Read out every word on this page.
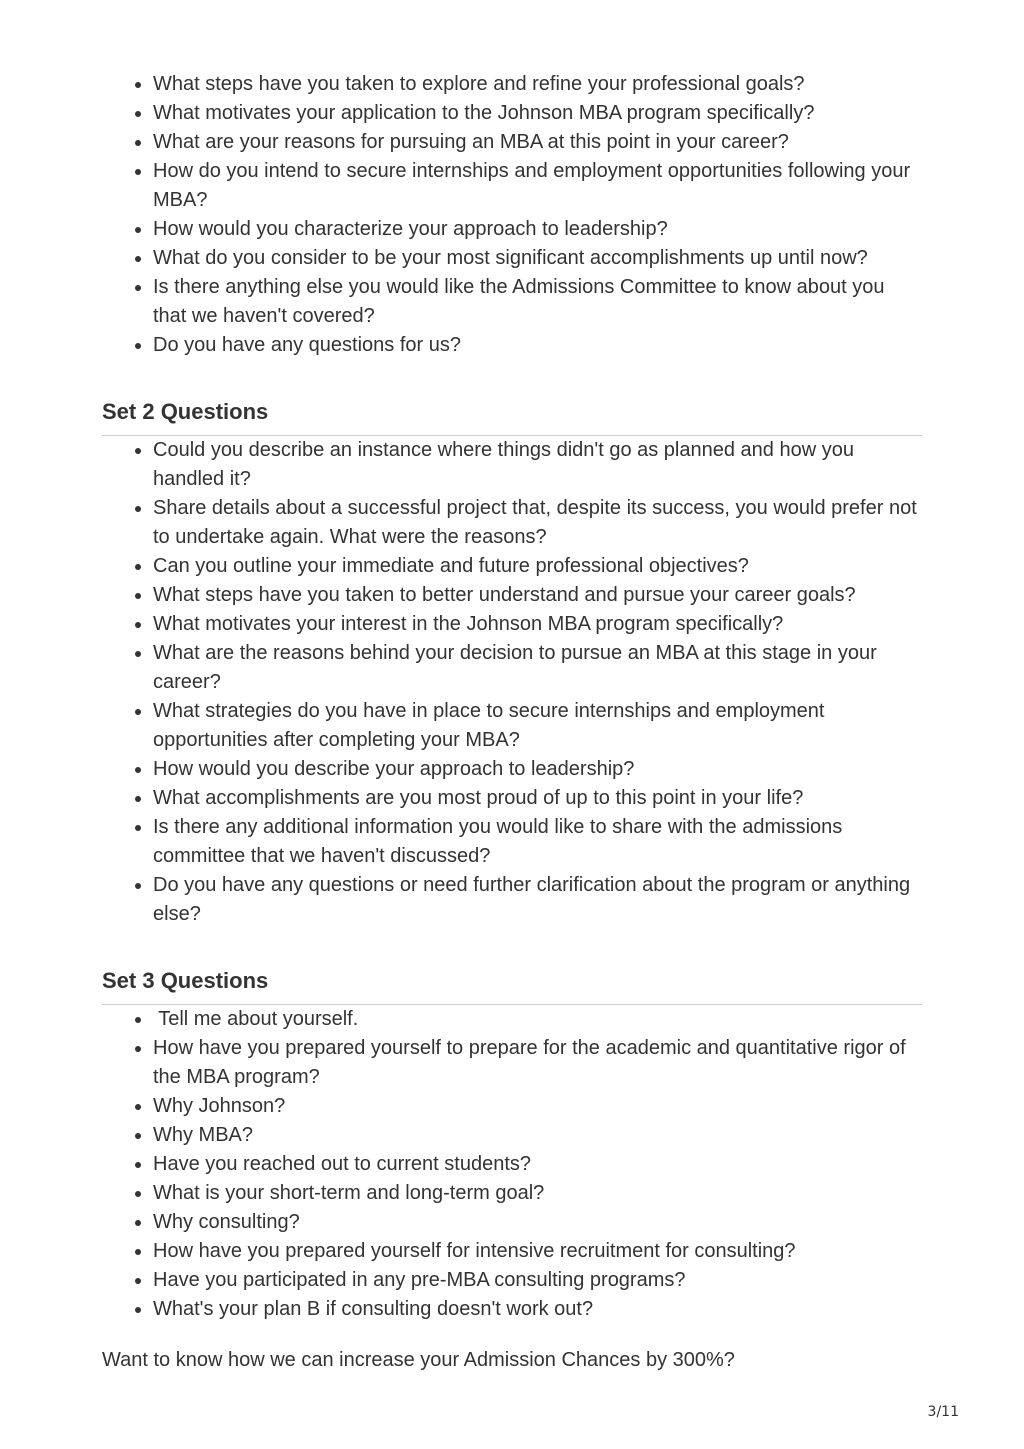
What steps have you taken to explore and refine your professional goals?
What motivates your application to the Johnson MBA program specifically?
What are your reasons for pursuing an MBA at this point in your career?
How do you intend to secure internships and employment opportunities following your MBA?
How would you characterize your approach to leadership?
What do you consider to be your most significant accomplishments up until now?
Is there anything else you would like the Admissions Committee to know about you that we haven't covered?
Do you have any questions for us?
Set 2 Questions
Could you describe an instance where things didn't go as planned and how you handled it?
Share details about a successful project that, despite its success, you would prefer not to undertake again. What were the reasons?
Can you outline your immediate and future professional objectives?
What steps have you taken to better understand and pursue your career goals?
What motivates your interest in the Johnson MBA program specifically?
What are the reasons behind your decision to pursue an MBA at this stage in your career?
What strategies do you have in place to secure internships and employment opportunities after completing your MBA?
How would you describe your approach to leadership?
What accomplishments are you most proud of up to this point in your life?
Is there any additional information you would like to share with the admissions committee that we haven't discussed?
Do you have any questions or need further clarification about the program or anything else?
Set 3 Questions
Tell me about yourself.
How have you prepared yourself to prepare for the academic and quantitative rigor of the MBA program?
Why Johnson?
Why MBA?
Have you reached out to current students?
What is your short-term and long-term goal?
Why consulting?
How have you prepared yourself for intensive recruitment for consulting?
Have you participated in any pre-MBA consulting programs?
What's your plan B if consulting doesn't work out?

Want to know how we can increase your Admission Chances by 300%?

3/11
